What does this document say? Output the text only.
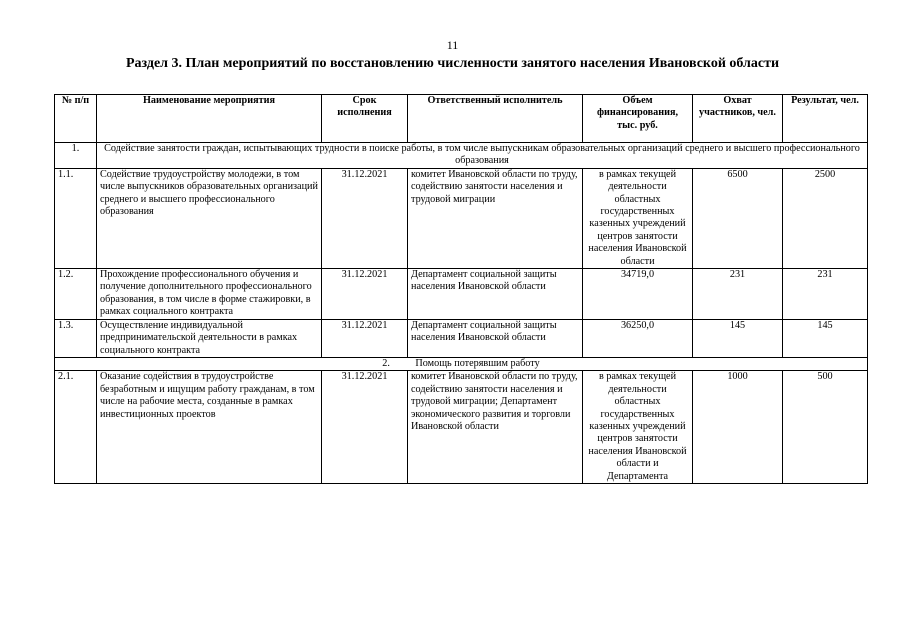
11
Раздел 3. План мероприятий по восстановлению численности занятого населения Ивановской области
№ п/п	Наименование мероприятия	Срок исполнения	Ответственный исполнитель	Объем финансирования, тыс. руб.	Охват участников, чел.	Результат, чел.
1.	Содействие занятости граждан, испытывающих трудности в поиске работы, в том числе выпускникам образовательных организаций среднего и высшего профессионального образования					
1.1.	Содействие трудоустройству молодежи, в том числе выпускников образовательных организаций среднего и высшего профессионального образования	31.12.2021	комитет Ивановской области по труду, содействию занятости населения и трудовой миграции	в рамках текущей деятельности областных государственных казенных учреждений центров занятости населения Ивановской области	6500	2500
1.2.	Прохождение профессионального обучения и получение дополнительного профессионального образования, в том числе в форме стажировки, в рамках социального контракта	31.12.2021	Департамент социальной защиты населения Ивановской области	34719,0	231	231
1.3.	Осуществление индивидуальной предпринимательской деятельности в рамках социального контракта	31.12.2021	Департамент социальной защиты населения Ивановской области	36250,0	145	145
2. Помощь потерявшим работу						
2.1.	Оказание содействия в трудоустройстве безработным и ищущим работу гражданам, в том числе на рабочие места, созданные в рамках инвестиционных проектов	31.12.2021	комитет Ивановской области по труду, содействию занятости населения и трудовой миграции; Департамент экономического развития и торговли Ивановской области	в рамках текущей деятельности областных государственных казенных учреждений центров занятости населения Ивановской области и Департамента	1000	500
